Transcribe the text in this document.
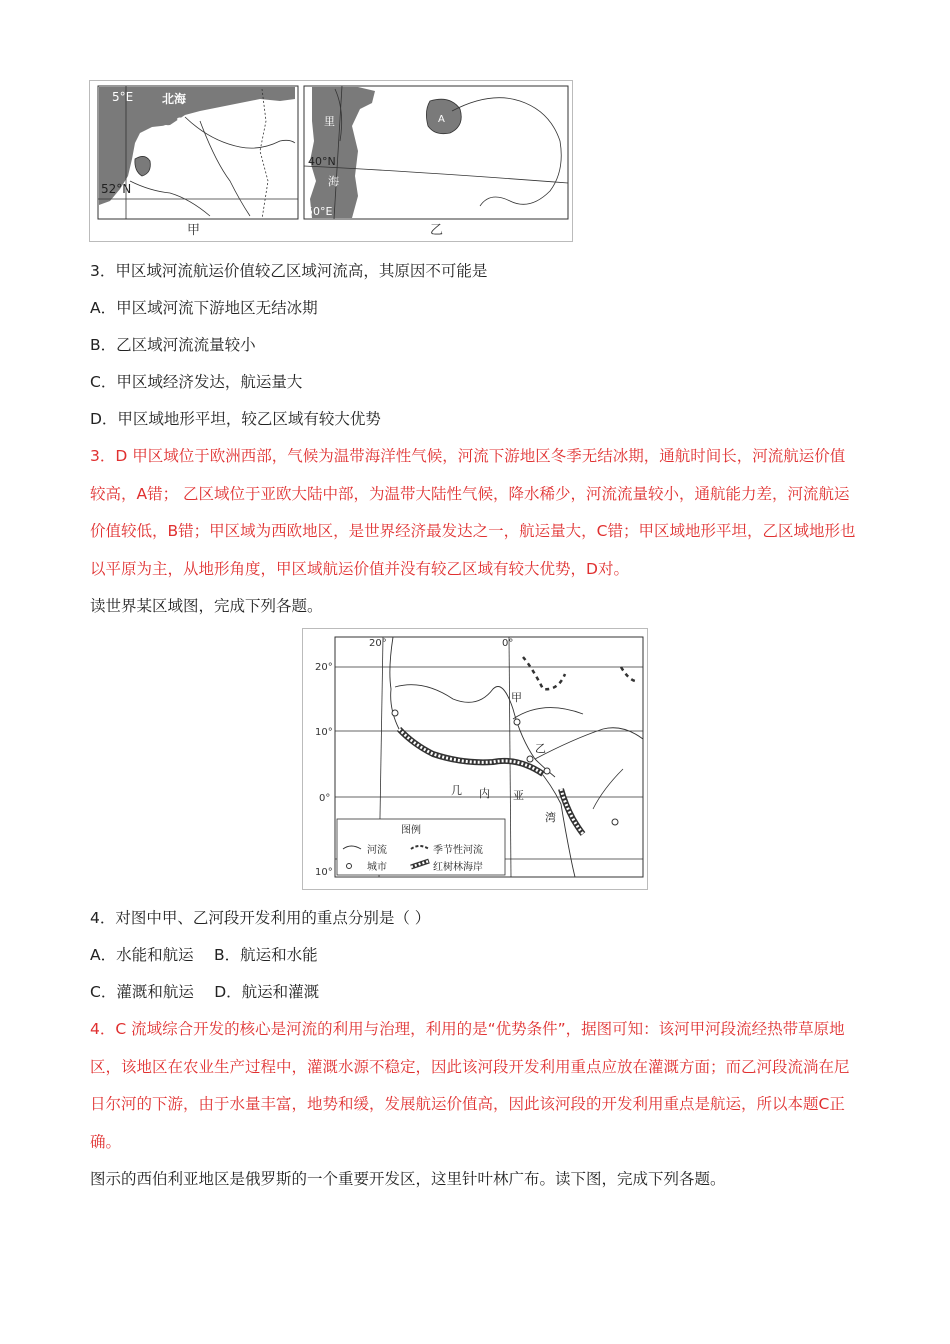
5°E 北海
52°N
A
里
40°N
海
50°E
甲	乙
3．甲区域河流航运价值较乙区域河流高，其原因不可能是
A．甲区域河流下游地区无结冰期
B．乙区域河流流量较小
C．甲区域经济发达，航运量大
D．甲区域地形平坦，较乙区域有较大优势
3．D 甲区域位于欧洲西部，气候为温带海洋性气候，河流下游地区冬季无结冰期，通航时间长，河流航运价值较高，A错； 乙区域位于亚欧大陆中部，为温带大陆性气候，降水稀少，河流流量较小，通航能力差，河流航运价值较低，B错；甲区域为西欧地区，是世界经济最发达之一，航运量大，C错；甲区域地形平坦，乙区域地形也以平原为主，从地形角度，甲区域航运价值并没有较乙区域有较大优势，D对。
读世界某区域图，完成下列各题。
20°	0°
20°
10°
0°
10°
甲
乙
几 内 亚
湾
图例
河流	季节性河流
城市	红树林海岸
4．对图中甲、乙河段开发利用的重点分别是（ ）
A．水能和航运　 B．航运和水能
C．灌溉和航运　 D．航运和灌溉
4．C 流域综合开发的核心是河流的利用与治理，利用的是“优势条件”，据图可知：该河甲河段流经热带草原地区，该地区在农业生产过程中，灌溉水源不稳定，因此该河段开发利用重点应放在灌溉方面；而乙河段流淌在尼日尔河的下游，由于水量丰富，地势和缓，发展航运价值高，因此该河段的开发利用重点是航运，所以本题C正确。
图示的西伯利亚地区是俄罗斯的一个重要开发区，这里针叶林广布。读下图，完成下列各题。
